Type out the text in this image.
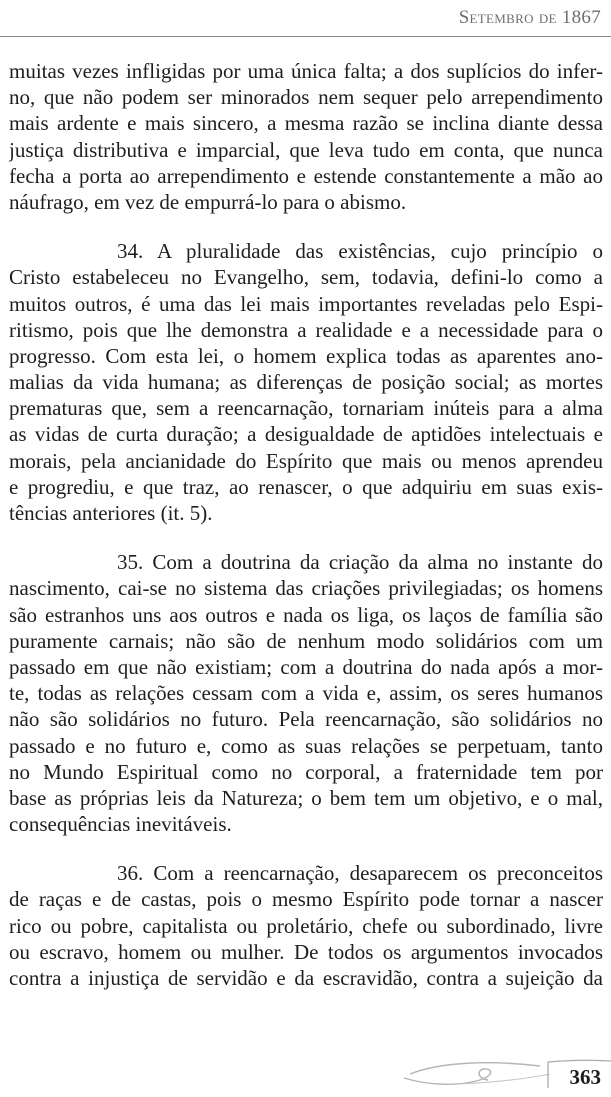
Setembro de 1867
muitas vezes infligidas por uma única falta; a dos suplícios do infer-
no, que não podem ser minorados nem sequer pelo arrependimento
mais ardente e mais sincero, a mesma razão se inclina diante dessa
justiça distributiva e imparcial, que leva tudo em conta, que nunca
fecha a porta ao arrependimento e estende constantemente a mão ao
náufrago, em vez de empurrá-lo para o abismo.
34. A pluralidade das existências, cujo princípio o
Cristo estabeleceu no Evangelho, sem, todavia, defini-lo como a
muitos outros, é uma das lei mais importantes reveladas pelo Espi-
ritismo, pois que lhe demonstra a realidade e a necessidade para o
progresso. Com esta lei, o homem explica todas as aparentes ano-
malias da vida humana; as diferenças de posição social; as mortes
prematuras que, sem a reencarnação, tornariam inúteis para a alma
as vidas de curta duração; a desigualdade de aptidões intelectuais e
morais, pela ancianidade do Espírito que mais ou menos aprendeu
e progrediu, e que traz, ao renascer, o que adquiriu em suas exis-
tências anteriores (it. 5).
35. Com a doutrina da criação da alma no instante do
nascimento, cai-se no sistema das criações privilegiadas; os homens
são estranhos uns aos outros e nada os liga, os laços de família são
puramente carnais; não são de nenhum modo solidários com um
passado em que não existiam; com a doutrina do nada após a mor-
te, todas as relações cessam com a vida e, assim, os seres humanos
não são solidários no futuro. Pela reencarnação, são solidários no
passado e no futuro e, como as suas relações se perpetuam, tanto
no Mundo Espiritual como no corporal, a fraternidade tem por
base as próprias leis da Natureza; o bem tem um objetivo, e o mal,
consequências inevitáveis.
36. Com a reencarnação, desaparecem os preconceitos
de raças e de castas, pois o mesmo Espírito pode tornar a nascer
rico ou pobre, capitalista ou proletário, chefe ou subordinado, livre
ou escravo, homem ou mulher. De todos os argumentos invocados
contra a injustiça de servidão e da escravidão, contra a sujeição da
363
